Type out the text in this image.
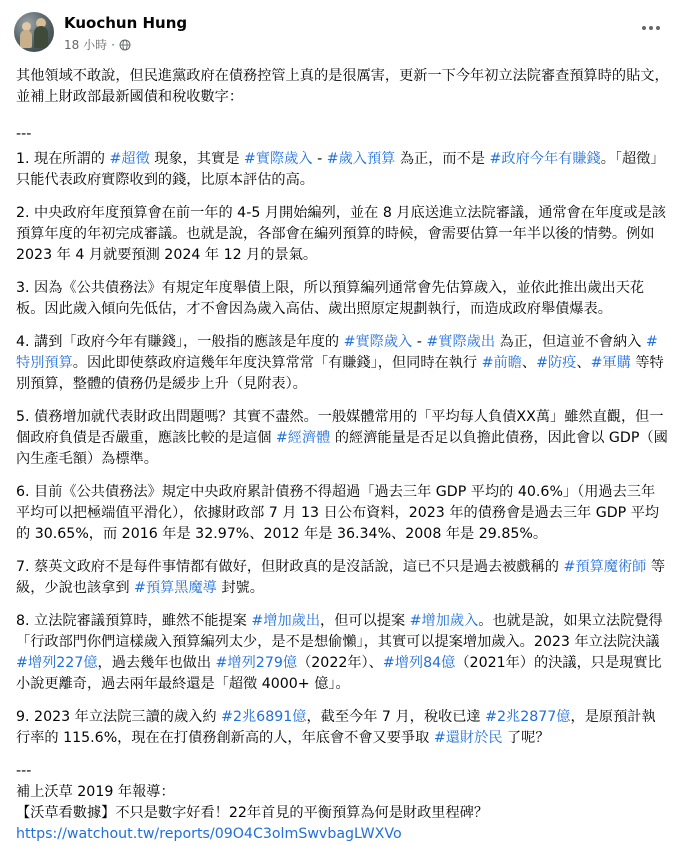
Kuochun Hung
18 小時 ·

其他領域不敢說，但民進黨政府在債務控管上真的是很厲害，更新一下今年初立法院審查預算時的貼文，並補上財政部最新國債和稅收數字：

---

1. 現在所謂的 #超徵 現象，其實是 #實際歲入 - #歲入預算 為正，而不是 #政府今年有賺錢。「超徵」只能代表政府實際收到的錢，比原本評估的高。

2. 中央政府年度預算會在前一年的 4-5 月開始編列，並在 8 月底送進立法院審議，通常會在年度或是該預算年度的年初完成審議。也就是說，各部會在編列預算的時候，會需要估算一年半以後的情勢。例如 2023 年 4 月就要預測 2024 年 12 月的景氣。

3. 因為《公共債務法》有規定年度舉債上限，所以預算編列通常會先估算歲入，並依此推出歲出天花板。因此歲入傾向先低估，才不會因為歲入高估、歲出照原定規劃執行，而造成政府舉債爆表。

4. 講到「政府今年有賺錢」，一般指的應該是年度的 #實際歲入 - #實際歲出 為正，但這並不會納入 #特別預算。因此即使蔡政府這幾年年度決算常常「有賺錢」，但同時在執行 #前瞻、#防疫、#軍購 等特別預算，整體的債務仍是緩步上升（見附表）。

5. 債務增加就代表財政出問題嗎？其實不盡然。一般媒體常用的「平均每人負債XX萬」雖然直觀，但一個政府負債是否嚴重，應該比較的是這個 #經濟體 的經濟能量是否足以負擔此債務，因此會以 GDP（國內生產毛額）為標準。

6. 目前《公共債務法》規定中央政府累計債務不得超過「過去三年 GDP 平均的 40.6%」（用過去三年平均可以把極端值平滑化），依據財政部 7 月 13 日公布資料，2023 年的債務會是過去三年 GDP 平均的 30.65%，而 2016 年是 32.97%、2012 年是 36.34%、2008 年是 29.85%。

7. 蔡英文政府不是每件事情都有做好，但財政真的是沒話說，這已不只是過去被戲稱的 #預算魔術師 等級，少說也該拿到 #預算黑魔導 封號。

8. 立法院審議預算時，雖然不能提案 #增加歲出，但可以提案 #增加歲入。也就是說，如果立法院覺得「行政部門你們這樣歲入預算編列太少，是不是想偷懶」，其實可以提案增加歲入。2023 年立法院決議 #增列227億，過去幾年也做出 #增列279億（2022年）、#增列84億（2021年）的決議，只是現實比小說更離奇，過去兩年最終還是「超徵 4000+ 億」。

9. 2023 年立法院三讀的歲入約 #2兆6891億，截至今年 7 月，稅收已達 #2兆2877億，是原預計執行率的 115.6%，現在在打債務創新高的人，年底會不會又要爭取 #還財於民 了呢？

---
補上沃草 2019 年報導：
【沃草看數據】不只是數字好看！22年首見的平衡預算為何是財政里程碑？
https://watchout.tw/reports/09O4C3olmSwvbagLWXVo
